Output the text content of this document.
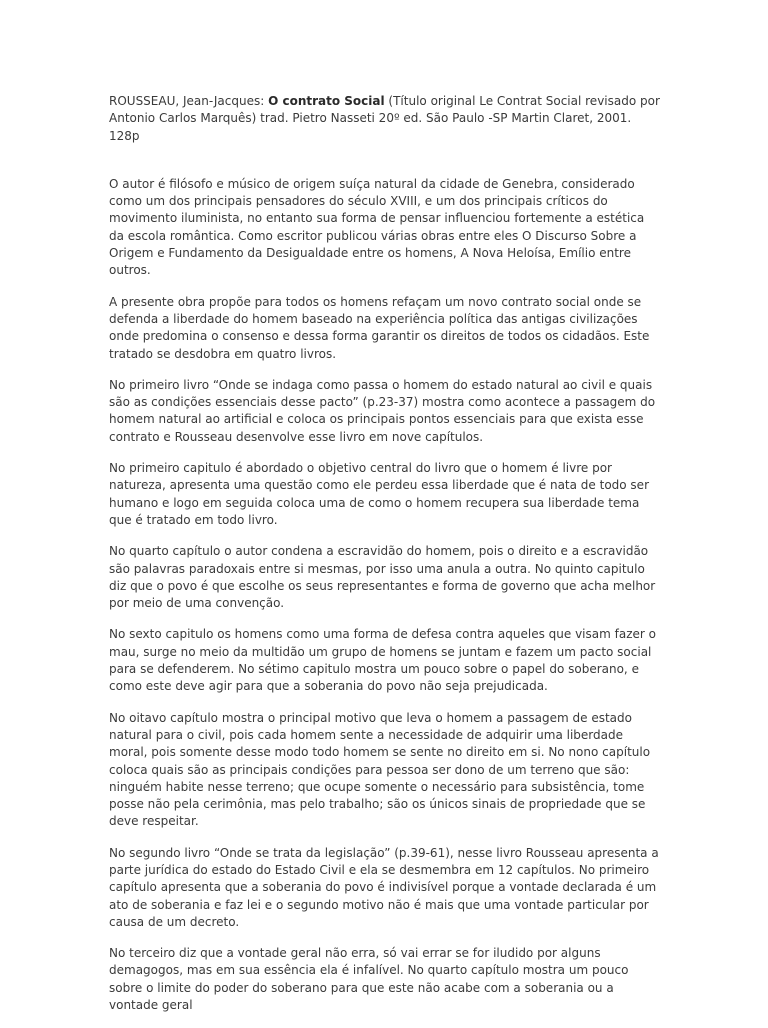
ROUSSEAU, Jean-Jacques: O contrato Social (Título original Le Contrat Social revisado por Antonio Carlos Marquês) trad. Pietro Nasseti 20º ed. São Paulo -SP Martin Claret, 2001. 128p

O autor é filósofo e músico de origem suíça natural da cidade de Genebra, considerado como um dos principais pensadores do século XVIII, e um dos principais críticos do movimento iluminista, no entanto sua forma de pensar influenciou fortemente a estética da escola romântica. Como escritor publicou várias obras entre eles O Discurso Sobre a Origem e Fundamento da Desigualdade entre os homens, A Nova Heloísa, Emílio entre outros.

A presente obra propõe para todos os homens refaçam um novo contrato social onde se defenda a liberdade do homem baseado na experiência política das antigas civilizações onde predomina o consenso e dessa forma garantir os direitos de todos os cidadãos. Este tratado se desdobra em quatro livros.

No primeiro livro “Onde se indaga como passa o homem do estado natural ao civil e quais são as condições essenciais desse pacto” (p.23-37) mostra como acontece a passagem do homem natural ao artificial e coloca os principais pontos essenciais para que exista esse contrato e Rousseau desenvolve esse livro em nove capítulos.

No primeiro capitulo é abordado o objetivo central do livro que o homem é livre por natureza, apresenta uma questão como ele perdeu essa liberdade que é nata de todo ser humano e logo em seguida coloca uma de como o homem recupera sua liberdade tema que é tratado em todo livro.

No quarto capítulo o autor condena a escravidão do homem, pois o direito e a escravidão são palavras paradoxais entre si mesmas, por isso uma anula a outra. No quinto capitulo diz que o povo é que escolhe os seus representantes e forma de governo que acha melhor por meio de uma convenção.

No sexto capitulo os homens como uma forma de defesa contra aqueles que visam fazer o mau, surge no meio da multidão um grupo de homens se juntam e fazem um pacto social para se defenderem. No sétimo capitulo mostra um pouco sobre o papel do soberano, e como este deve agir para que a soberania do povo não seja prejudicada.

No oitavo capítulo mostra o principal motivo que leva o homem a passagem de estado natural para o civil, pois cada homem sente a necessidade de adquirir uma liberdade moral, pois somente desse modo todo homem se sente no direito em si. No nono capítulo coloca quais são as principais condições para pessoa ser dono de um terreno que são: ninguém habite nesse terreno; que ocupe somente o necessário para subsistência, tome posse não pela cerimônia, mas pelo trabalho; são os únicos sinais de propriedade que se deve respeitar.

No segundo livro “Onde se trata da legislação” (p.39-61), nesse livro Rousseau apresenta a parte jurídica do estado do Estado Civil e ela se desmembra em 12 capítulos. No primeiro capítulo apresenta que a soberania do povo é indivisível porque a vontade declarada é um ato de soberania e faz lei e o segundo motivo não é mais que uma vontade particular por causa de um decreto.

No terceiro diz que a vontade geral não erra, só vai errar se for iludido por alguns demagogos, mas em sua essência ela é infalível. No quarto capítulo mostra um pouco sobre o limite do poder do soberano para que este não acabe com a soberania ou a vontade geral
